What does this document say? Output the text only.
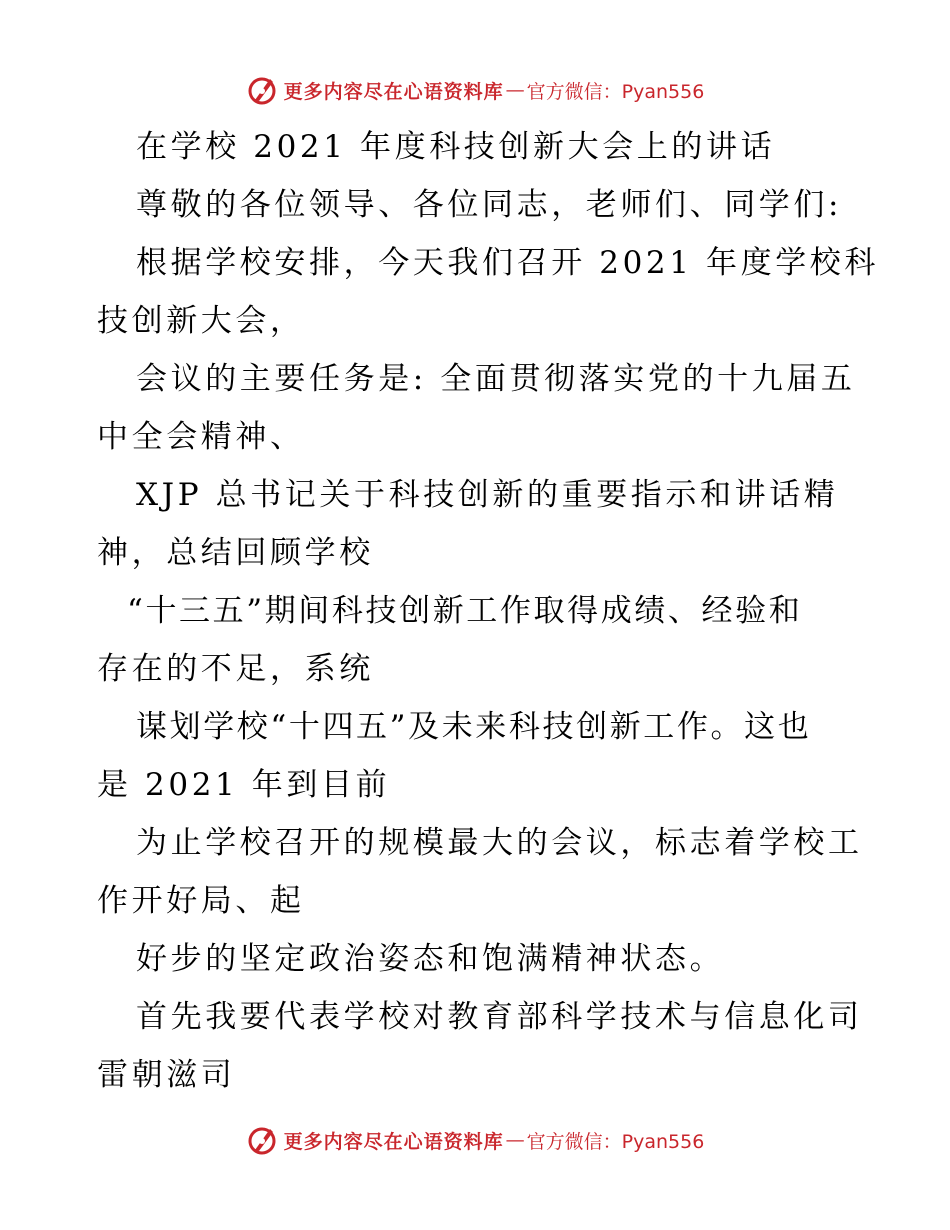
更多内容尽在心语资料库 — 官方微信：Pyan556
在学校 2021 年度科技创新大会上的讲话
尊敬的各位领导、各位同志，老师们、同学们:
根据学校安排，今天我们召开 2021 年度学校科
技创新大会，
会议的主要任务是: 全面贯彻落实党的十九届五
中全会精神、
XJP 总书记关于科技创新的重要指示和讲话精
神，总结回顾学校
“十三五”期间科技创新工作取得成绩、经验和
存在的不足，系统
谋划学校“十四五”及未来科技创新工作。这也
是 2021 年到目前
为止学校召开的规模最大的会议，标志着学校工
作开好局、起
好步的坚定政治姿态和饱满精神状态。
首先我要代表学校对教育部科学技术与信息化司
雷朝滋司
更多内容尽在心语资料库 — 官方微信：Pyan556
